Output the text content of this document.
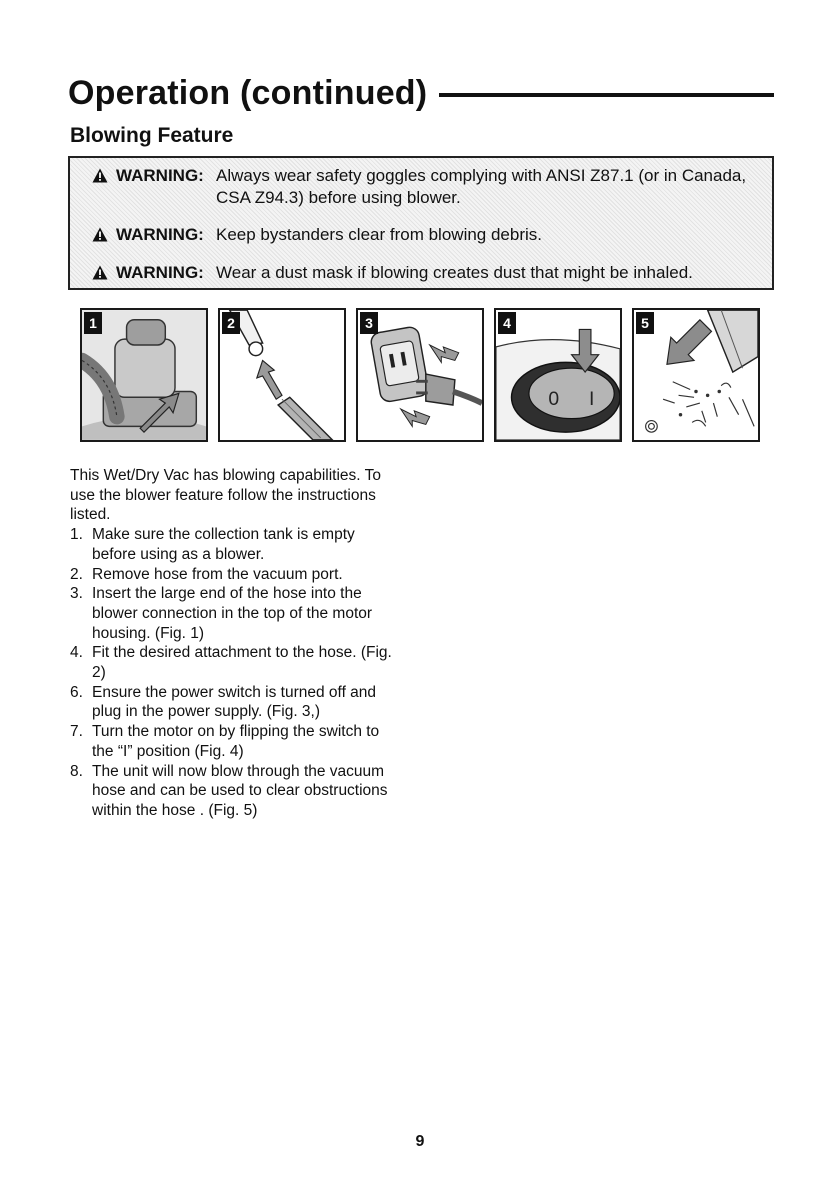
Operation (continued)
Blowing Feature
WARNING: Always wear safety goggles complying with ANSI Z87.1 (or in Canada, CSA Z94.3) before using blower.
WARNING: Keep bystanders clear from blowing debris.
WARNING: Wear a dust mask if blowing creates dust that might be inhaled.
1	2	3	4
0 I
5

This Wet/Dry Vac has blowing capabilities. To use the blower feature follow the instructions listed.

1. Make sure the collection tank is empty before using as a blower.
2. Remove hose from the vacuum port.
3. Insert the large end of the hose into the blower connection in the top of the motor housing. (Fig. 1)
4. Fit the desired attachment to the hose. (Fig. 2)
6. Ensure the power switch is turned off and plug in the power supply. (Fig. 3,)
7. Turn the motor on by flipping the switch to the “I” position (Fig. 4)
8. The unit will now blow through the vacuum hose and can be used to clear obstructions within the hose . (Fig. 5)
9
